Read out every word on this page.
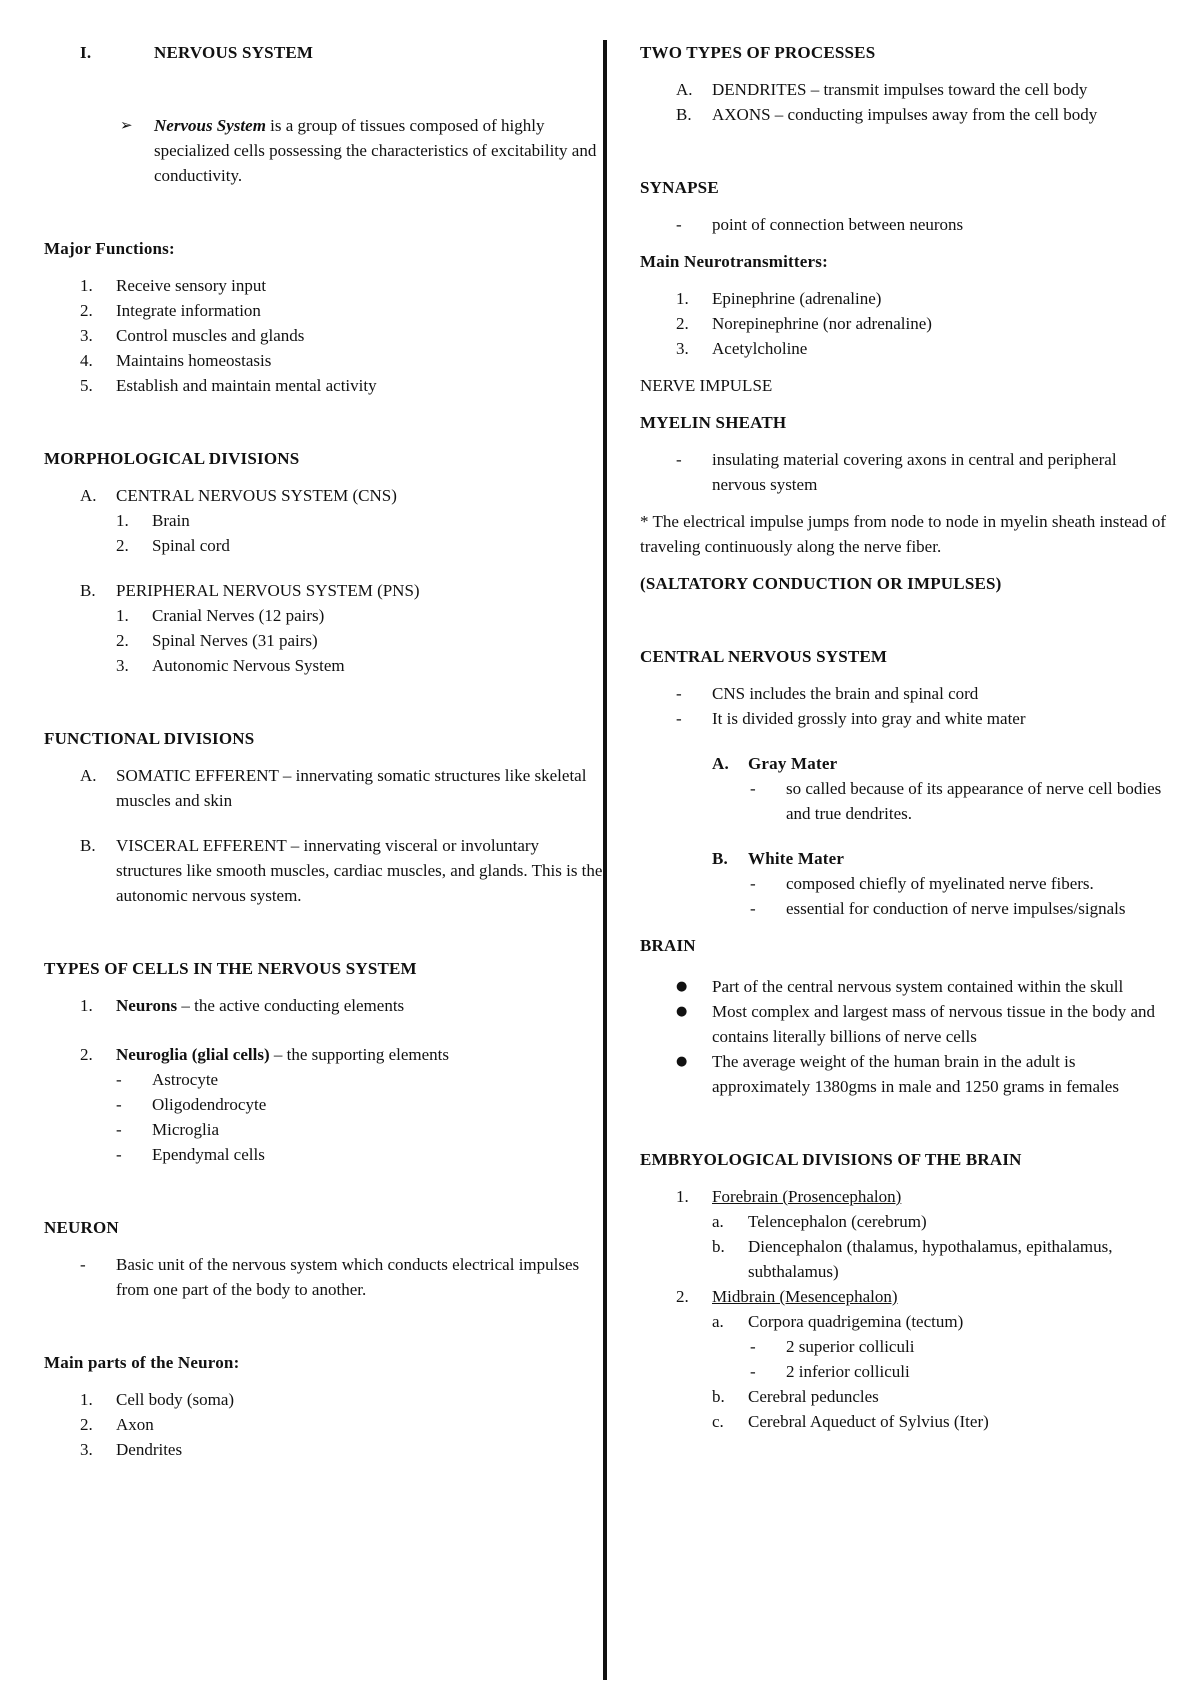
I.	NERVOUS SYSTEM
➢ Nervous System is a group of tissues composed of highly specialized cells possessing the characteristics of excitability and conductivity.
Major Functions:
1. Receive sensory input
2. Integrate information
3. Control muscles and glands
4. Maintains homeostasis
5. Establish and maintain mental activity
MORPHOLOGICAL DIVISIONS
A. CENTRAL NERVOUS SYSTEM (CNS)
1. Brain
2. Spinal cord
B. PERIPHERAL NERVOUS SYSTEM (PNS)
1. Cranial Nerves (12 pairs)
2. Spinal Nerves (31 pairs)
3. Autonomic Nervous System
FUNCTIONAL DIVISIONS
A. SOMATIC EFFERENT – innervating somatic structures like skeletal muscles and skin
B. VISCERAL EFFERENT – innervating visceral or involuntary structures like smooth muscles, cardiac muscles, and glands. This is the autonomic nervous system.
TYPES OF CELLS IN THE NERVOUS SYSTEM
1. Neurons – the active conducting elements
2. Neuroglia (glial cells) – the supporting elements
- Astrocyte
- Oligodendrocyte
- Microglia
- Ependymal cells
NEURON
- Basic unit of the nervous system which conducts electrical impulses from one part of the body to another.
Main parts of the Neuron:
1. Cell body (soma)
2. Axon
3. Dendrites
TWO TYPES OF PROCESSES
A. DENDRITES – transmit impulses toward the cell body
B. AXONS – conducting impulses away from the cell body
SYNAPSE
- point of connection between neurons
Main Neurotransmitters:
1. Epinephrine (adrenaline)
2. Norepinephrine (nor adrenaline)
3. Acetylcholine
NERVE IMPULSE
MYELIN SHEATH
- insulating material covering axons in central and peripheral nervous system
* The electrical impulse jumps from node to node in myelin sheath instead of traveling continuously along the nerve fiber.
(SALTATORY CONDUCTION OR IMPULSES)
CENTRAL NERVOUS SYSTEM
- CNS includes the brain and spinal cord
- It is divided grossly into gray and white mater
A. Gray Mater
- so called because of its appearance of nerve cell bodies and true dendrites.
B. White Mater
- composed chiefly of myelinated nerve fibers.
- essential for conduction of nerve impulses/signals
BRAIN
● Part of the central nervous system contained within the skull
● Most complex and largest mass of nervous tissue in the body and contains literally billions of nerve cells
● The average weight of the human brain in the adult is approximately 1380gms in male and 1250 grams in females
EMBRYOLOGICAL DIVISIONS OF THE BRAIN
1. Forebrain (Prosencephalon)
a. Telencephalon (cerebrum)
b. Diencephalon (thalamus, hypothalamus, epithalamus, subthalamus)
2. Midbrain (Mesencephalon)
a. Corpora quadrigemina (tectum)
- 2 superior colliculi
- 2 inferior colliculi
b. Cerebral peduncles
c. Cerebral Aqueduct of Sylvius (Iter)
